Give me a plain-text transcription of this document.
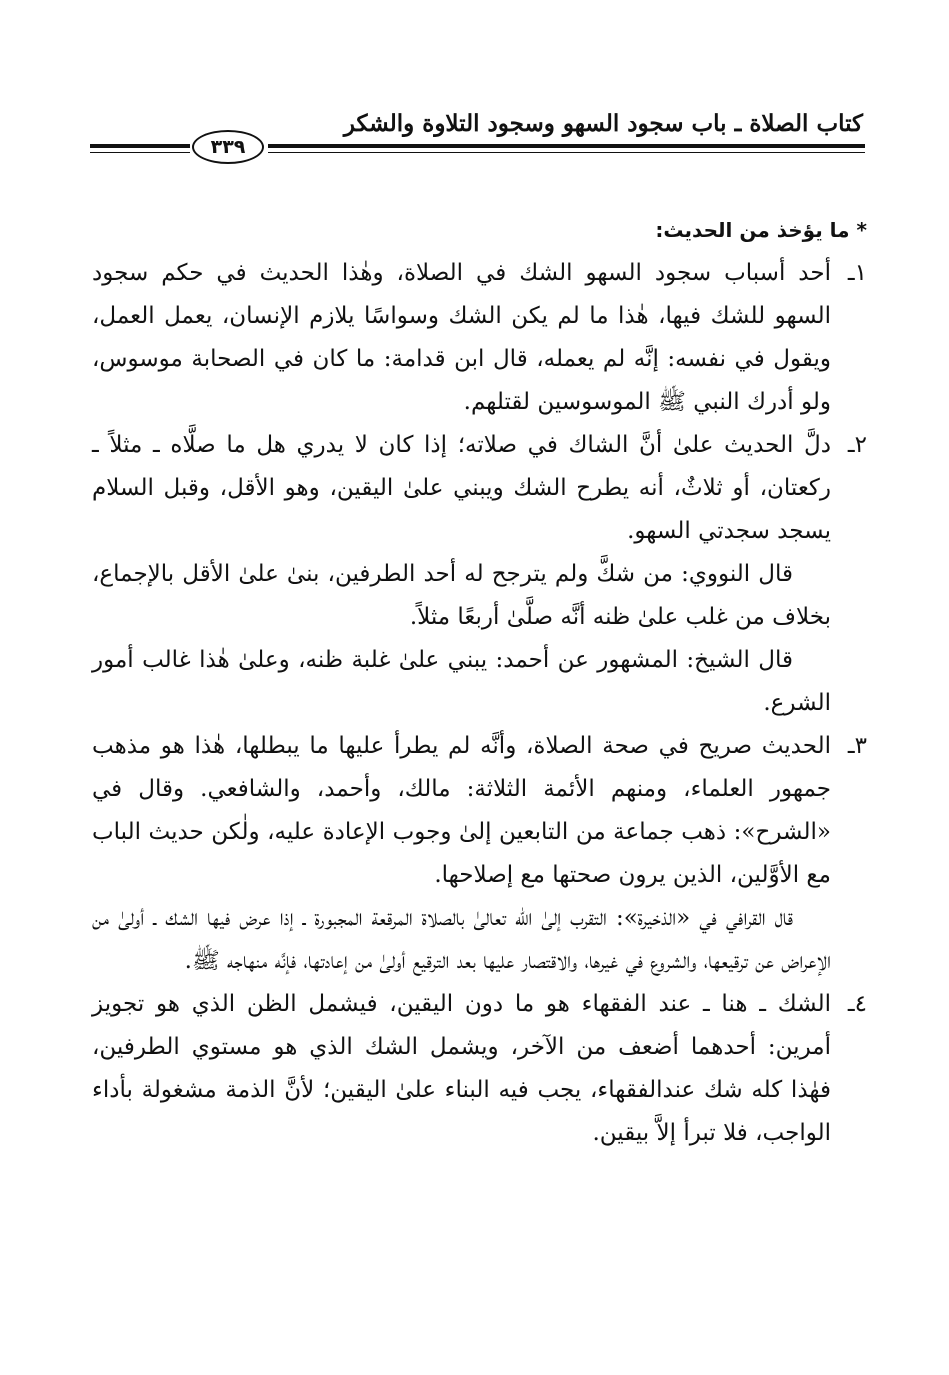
كتاب الصلاة ـ باب سجود السهو وسجود التلاوة والشكر
٣٣٩
* ما يؤخذ من الحديث:
١ـ
أحد أسباب سجود السهو الشك في الصلاة، وهٰذا الحديث في حكم سجود السهو للشك فيها، هٰذا ما لم يكن الشك وسواسًا يلازم الإنسان، يعمل العمل، ويقول في نفسه: إنَّه لم يعمله، قال ابن قدامة: ما كان في الصحابة موسوس، ولو أدرك النبي ﷺ الموسوسين لقتلهم.
٢ـ
دلَّ الحديث علىٰ أنَّ الشاك في صلاته؛ إذا كان لا يدري هل ما صلَّاه ـ مثلاً ـ ركعتان، أو ثلاثٌ، أنه يطرح الشك ويبني علىٰ اليقين، وهو الأقل، وقبل السلام يسجد سجدتي السهو.
قال النووي: من شكَّ ولم يترجح له أحد الطرفين، بنىٰ علىٰ الأقل بالإجماع، بخلاف من غلب علىٰ ظنه أنَّه صلَّىٰ أربعًا مثلاً.
قال الشيخ: المشهور عن أحمد: يبني علىٰ غلبة ظنه، وعلىٰ هٰذا غالب أمور الشرع.
٣ـ
الحديث صريح في صحة الصلاة، وأنَّه لم يطرأ عليها ما يبطلها، هٰذا هو مذهب جمهور العلماء، ومنهم الأئمة الثلاثة: مالك، وأحمد، والشافعي. وقال في «الشرح»: ذهب جماعة من التابعين إلىٰ وجوب الإعادة عليه، ولٰكن حديث الباب مع الأوَّلين، الذين يرون صحتها مع إصلاحها.
قال القرافي في «الذخيرة»: التقرب إلىٰ الله تعالىٰ بالصلاة المرقعة المجبورة ـ إذا عرض فيها الشك ـ أولىٰ من الإعراض عن ترقيعها، والشروع في غيرها، والاقتصار عليها بعد الترقيع أولىٰ من إعادتها، فإنَّه منهاجه ﷺ.
٤ـ
الشك ـ هنا ـ عند الفقهاء هو ما دون اليقين، فيشمل الظن الذي هو تجويز أمرين: أحدهما أضعف من الآخر، ويشمل الشك الذي هو مستوي الطرفين، فهٰذا كله شك عندالفقهاء، يجب فيه البناء علىٰ اليقين؛ لأنَّ الذمة مشغولة بأداء الواجب، فلا تبرأ إلاَّ بيقين.
